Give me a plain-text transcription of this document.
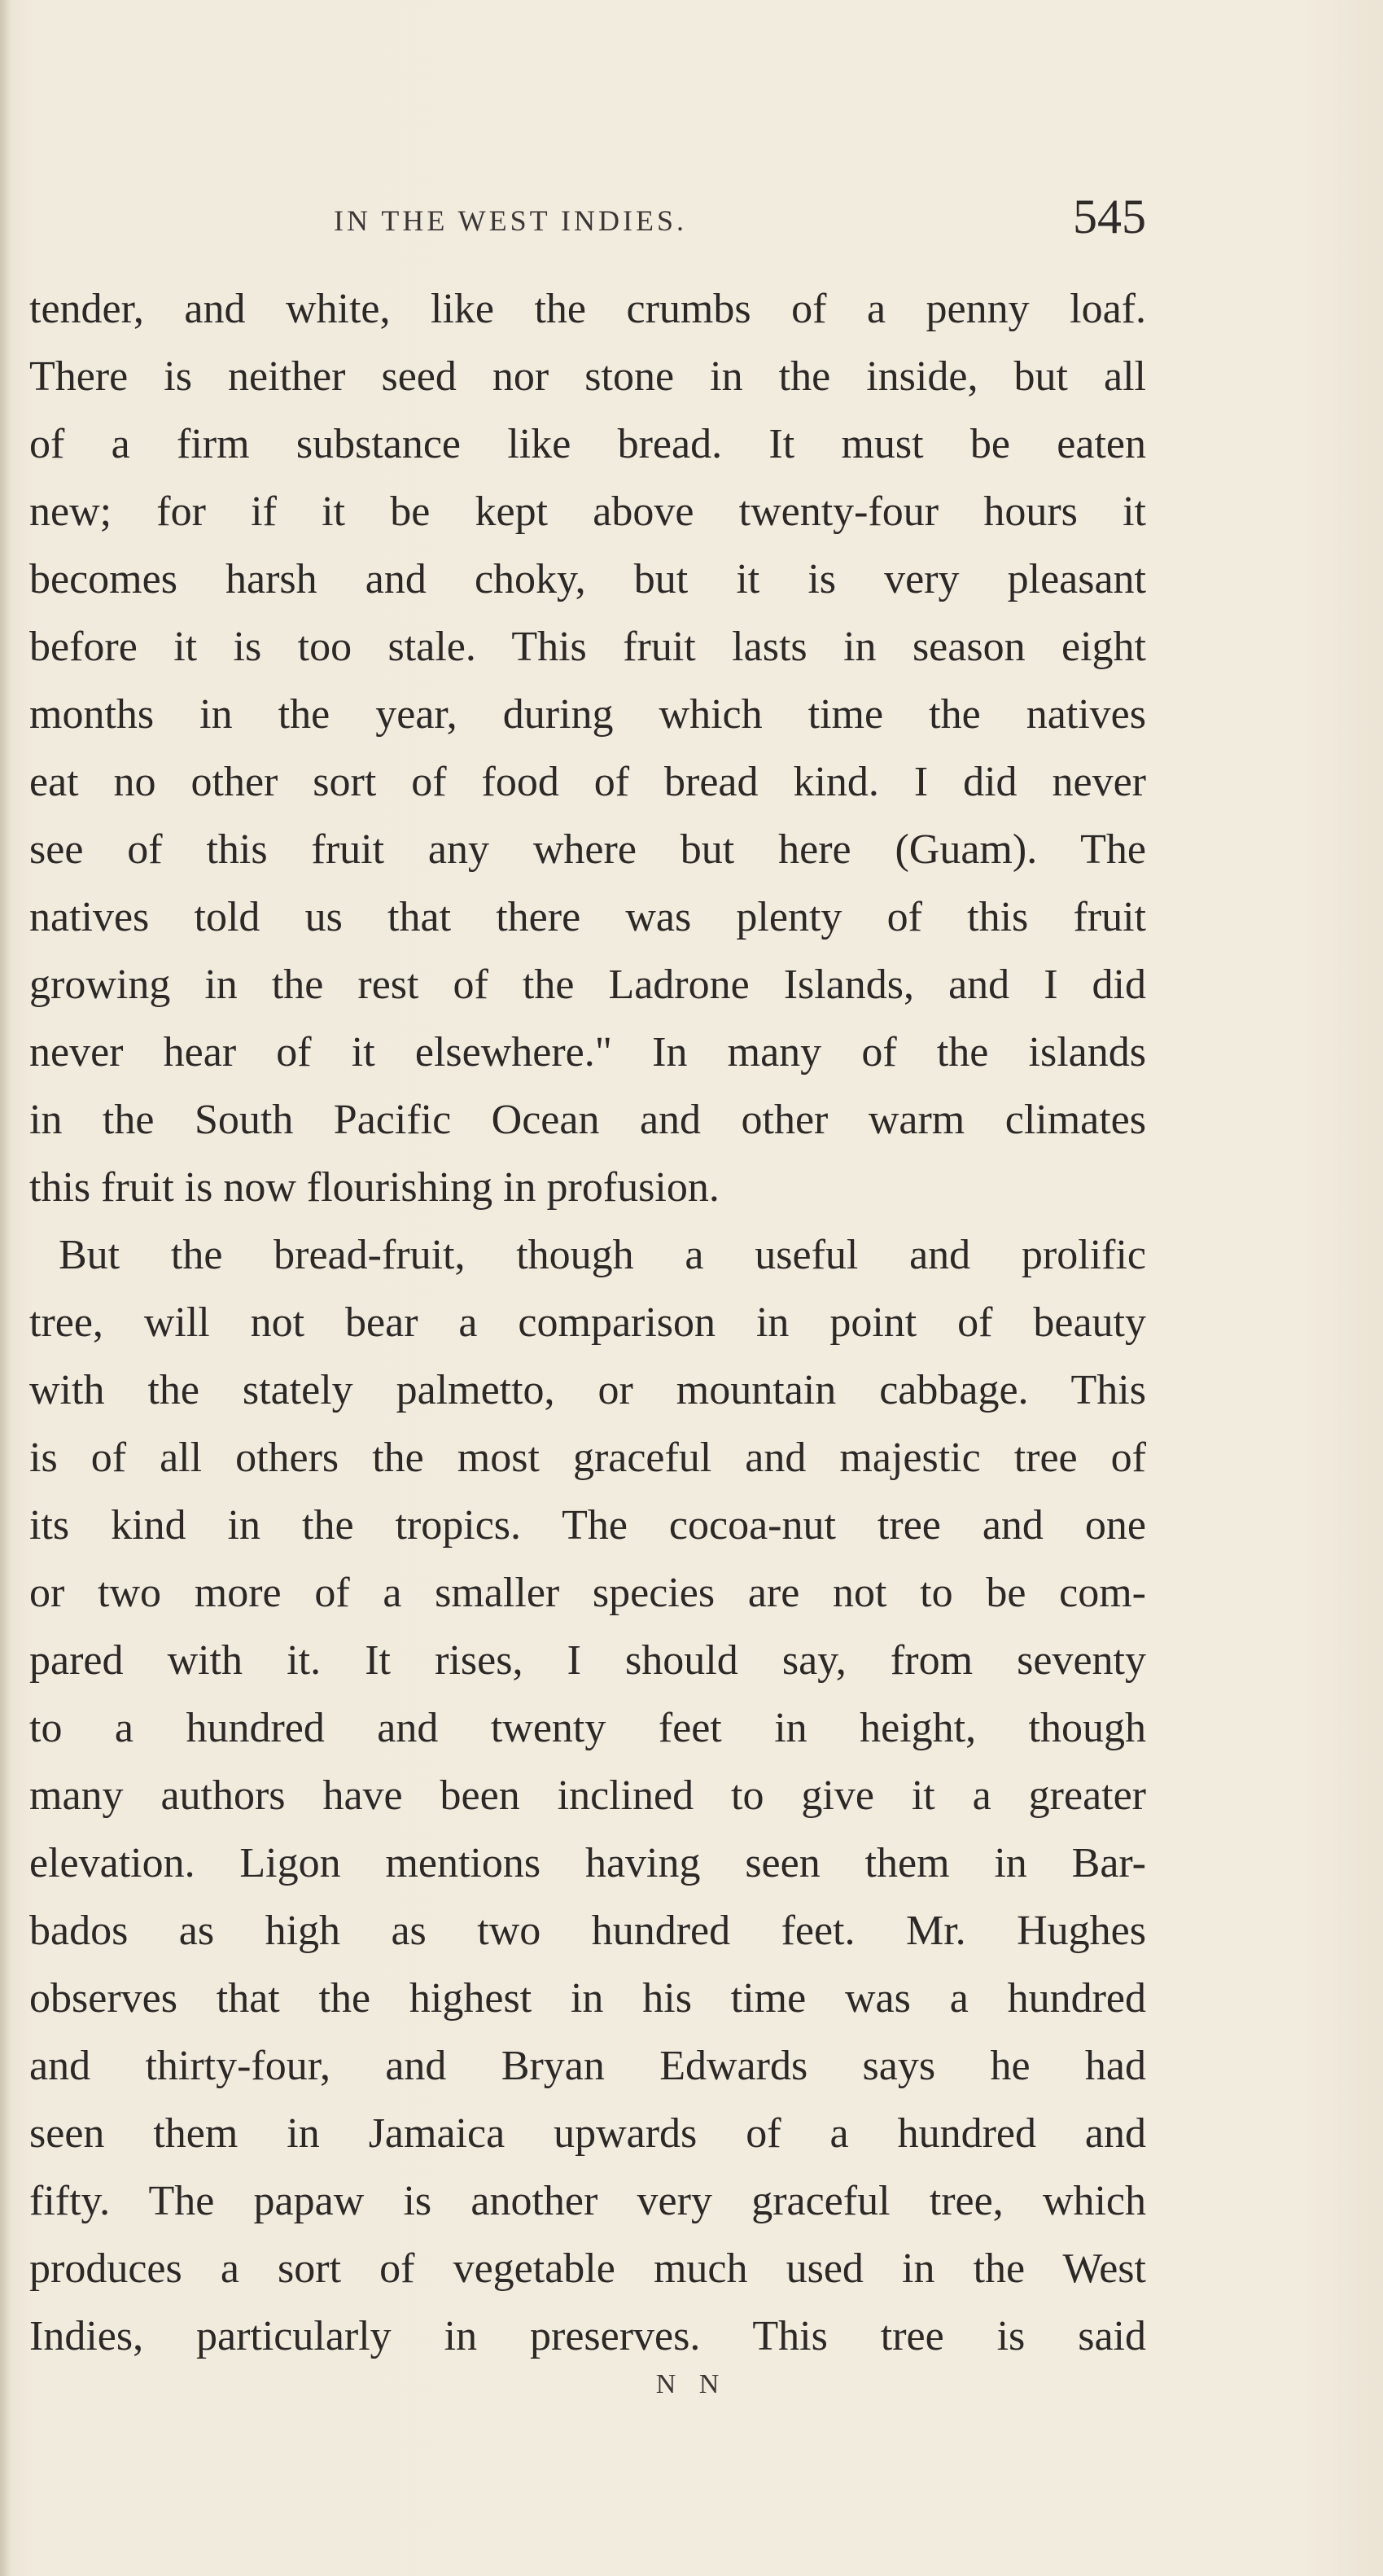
IN THE WEST INDIES.	545
tender, and white, like the crumbs of a penny loaf.
There is neither seed nor stone in the inside, but all
of a firm substance like bread. It must be eaten
new; for if it be kept above twenty-four hours it
becomes harsh and choky, but it is very pleasant
before it is too stale. This fruit lasts in season eight
months in the year, during which time the natives
eat no other sort of food of bread kind. I did never
see of this fruit any where but here (Guam). The
natives told us that there was plenty of this fruit
growing in the rest of the Ladrone Islands, and I did
never hear of it elsewhere." In many of the islands
in the South Pacific Ocean and other warm climates
this fruit is now flourishing in profusion.
But the bread-fruit, though a useful and prolific
tree, will not bear a comparison in point of beauty
with the stately palmetto, or mountain cabbage. This
is of all others the most graceful and majestic tree of
its kind in the tropics. The cocoa-nut tree and one
or two more of a smaller species are not to be com-
pared with it. It rises, I should say, from seventy
to a hundred and twenty feet in height, though
many authors have been inclined to give it a greater
elevation. Ligon mentions having seen them in Bar-
bados as high as two hundred feet. Mr. Hughes
observes that the highest in his time was a hundred
and thirty-four, and Bryan Edwards says he had
seen them in Jamaica upwards of a hundred and
fifty. The papaw is another very graceful tree, which
produces a sort of vegetable much used in the West
Indies, particularly in preserves. This tree is said
N N
